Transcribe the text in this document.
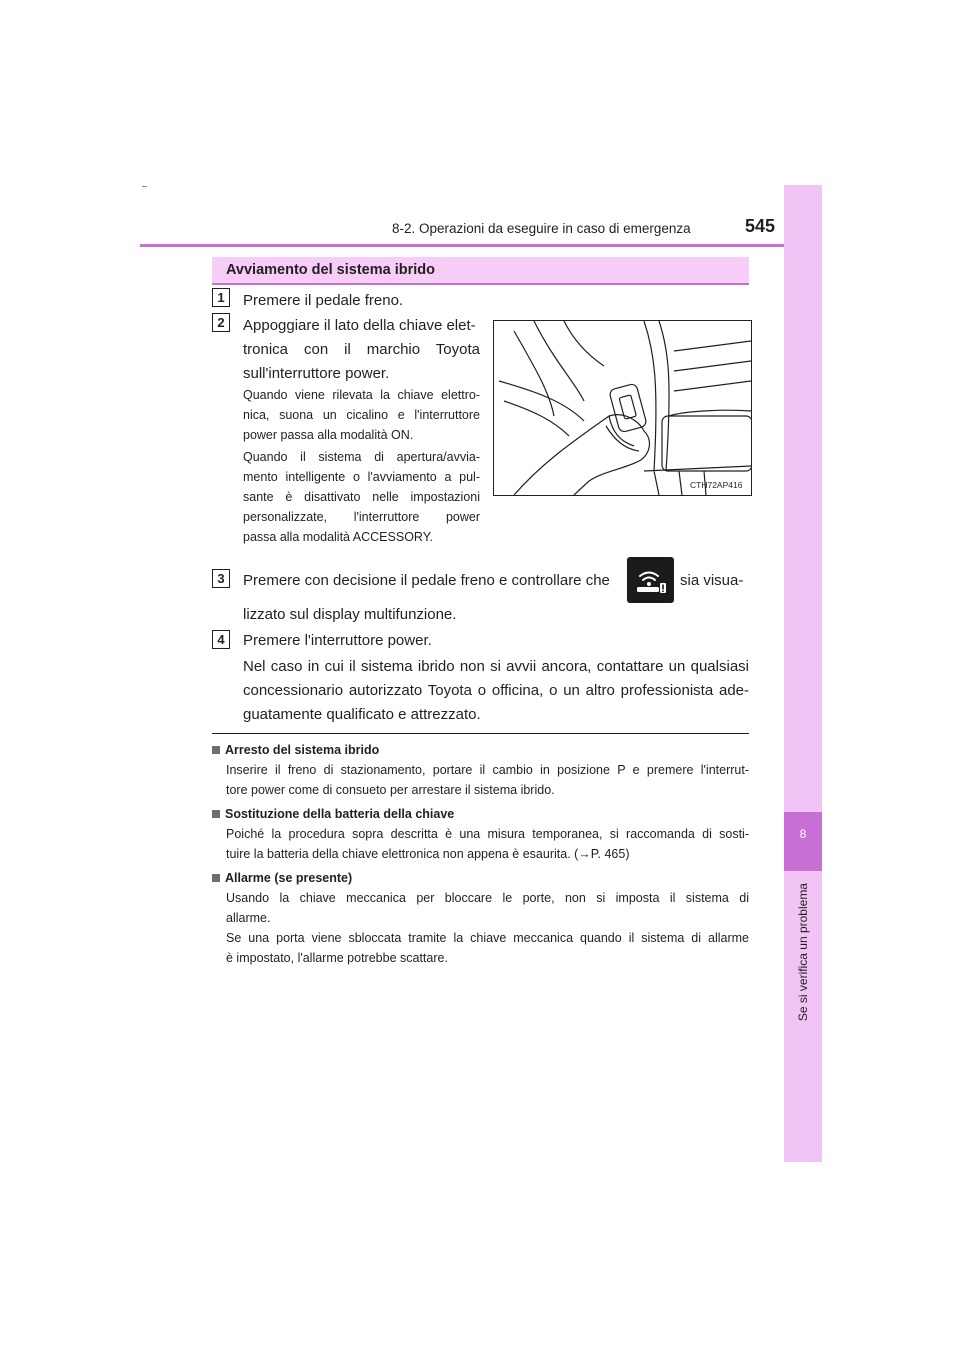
8-2. Operazioni da eseguire in caso di emergenza	545
8
Se si verifica un problema
Avviamento del sistema ibrido
1	Premere il pedale freno.
2	Appoggiare il lato della chiave elet-
tronica con il marchio Toyota
sull'interruttore power.
Quando viene rilevata la chiave elettro-
nica, suona un cicalino e l'interruttore
power passa alla modalità ON.
Quando il sistema di apertura/avvia-
mento intelligente o l'avviamento a pul-
sante è disattivato nelle impostazioni
personalizzate, l'interruttore power
passa alla modalità ACCESSORY.
CTH72AP416
3	Premere con decisione il pedale freno e controllare che	sia visua-
lizzato sul display multifunzione.
4	Premere l'interruttore power.
Nel caso in cui il sistema ibrido non si avvii ancora, contattare un qualsiasi
concessionario autorizzato Toyota o officina, o un altro professionista ade-
guatamente qualificato e attrezzato.
Arresto del sistema ibrido
Inserire il freno di stazionamento, portare il cambio in posizione P e premere l'interrut-
tore power come di consueto per arrestare il sistema ibrido.
Sostituzione della batteria della chiave
Poiché la procedura sopra descritta è una misura temporanea, si raccomanda di sosti-
tuire la batteria della chiave elettronica non appena è esaurita. (→P. 465)
Allarme (se presente)
Usando la chiave meccanica per bloccare le porte, non si imposta il sistema di
allarme.
Se una porta viene sbloccata tramite la chiave meccanica quando il sistema di allarme
è impostato, l'allarme potrebbe scattare.
